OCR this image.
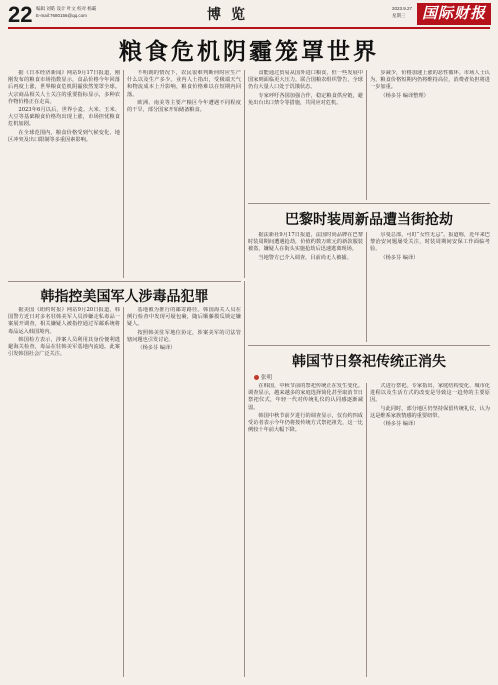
22 编辑 刘皓 设计 叶文 校对 杨霸
E-mail:7680156@qq.com	博览	2023.9.27
星期三	国际财报
粮食危机阴霾笼罩世界

据《日本经济新闻》网站9月17日报道，刚刚发布的粮食市场指数显示，食品价格今年回落后再度上涨，世界粮食危机阴霾依然笼罩全球。大宗商品相关人士关注的重要指标显示，多种农作物价格正在走高。

2023年6月以后，世界小麦、大米、玉米、大豆等基础粮食价格均出现上涨，市场担忧粮食危机加剧。

在全球范围内，粮食价格受到气候变化、地区冲突及出口限制等多重因素影响。

不明朗的情况下，农民很难判断何时应生产什么以及生产多少。业内人士指出，受极端天气和物流成本上升影响，粮食价格难以在短期内回落。

欧洲、南美等主要产粮区今年遭遇不同程度的干旱，部分国家开始储备粮食。

食能通过贸易从国外进口粮食，但一些发展中国家则面临更大压力。联合国粮农组织警告，全球仍有大量人口处于饥饿状态。

专家呼吁各国加强合作，稳定粮食供应链，避免出台出口禁令等措施，共同应对危机。

步减少，价格加速上涨的恶性循环。市场人士认为，粮食价格短期内仍将维持高位，消费者负担将进一步加重。

（杨多芬 编译整理）

巴黎时装周新品遭当街抢劫

据法新社9月17日报道，法国时尚品牌在巴黎时装周期间遭遇抢劫，价值约数万欧元的新款服装被盗，嫌疑人在街头实施抢劫后迅速逃离现场。

当地警方已介入调查，目前尚无人被捕。

尔曼总部，可盯“女性无忌”。报道称，近年来巴黎治安问题屡受关注，时装周期间安保工作面临考验。

（杨多芬 编译）

韩指控美国军人涉毒品犯罪

据美国《纽约时报》网站9月20日报道，韩国警方近日对多名驻韩美军人员涉嫌走私毒品一案展开调查，相关嫌疑人被指控通过军邮系统将毒品运入韩国境内。

韩国检方表示，涉案人员利用其身份便利逃避海关检查，毒品在驻韩美军基地内流通。此案引发韩国社会广泛关注。

基地被为推行的邮寄路径。韩国海关人员在例行检查中发现可疑包裹，随后顺藤摸瓜锁定嫌疑人。

按照韩美驻军地位协定，涉案美军的司法管辖问题也引发讨论。

（杨多芬 编译）

韩国节日祭祀传统正消失
张明

在韩国，中秋节前的祭祀传统正在发生变化。调查显示，越来越多的家庭选择简化甚至取消节日祭祀仪式，年轻一代对传统礼仪的认同感逐渐减弱。

韩国中秋节前夕进行的调查显示，仅有约四成受访者表示今年仍将按传统方式祭祀祖先，这一比例较十年前大幅下降。

式进行祭祀。专家指出，家庭结构变化、城市化进程以及生活方式的改变是导致这一趋势的主要原因。

与此同时，部分地区仍坚持保留传统礼仪，认为这是维系家族情感的重要纽带。

（杨多芬 编译）
